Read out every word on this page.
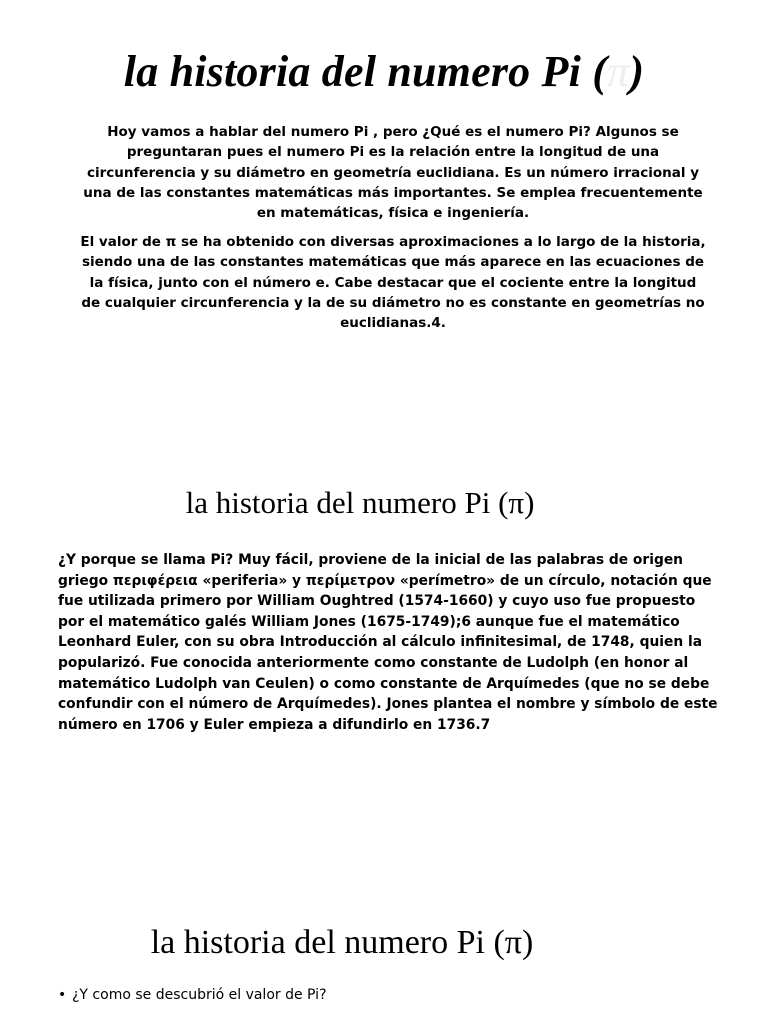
la historia del numero Pi (π)

Hoy vamos a hablar del numero Pi , pero ¿Qué es el numero Pi? Algunos se preguntaran pues el numero Pi es la relación entre la longitud de una circunferencia y su diámetro en geometría euclidiana. Es un número irracional y una de las constantes matemáticas más importantes. Se emplea frecuentemente en matemáticas, física e ingeniería.

El valor de π se ha obtenido con diversas aproximaciones a lo largo de la historia, siendo una de las constantes matemáticas que más aparece en las ecuaciones de la física, junto con el número e. Cabe destacar que el cociente entre la longitud de cualquier circunferencia y la de su diámetro no es constante en geometrías no euclidianas.4.

la historia del numero Pi (π)

¿Y porque se llama Pi? Muy fácil, proviene de la inicial de las palabras de origen griego περιφέρεια «periferia» y περίμετρον «perímetro» de un círculo, notación que fue utilizada primero por William Oughtred (1574-1660) y cuyo uso fue propuesto por el matemático galés William Jones (1675-1749);6 aunque fue el matemático Leonhard Euler, con su obra Introducción al cálculo infinitesimal, de 1748, quien la popularizó. Fue conocida anteriormente como constante de Ludolph (en honor al matemático Ludolph van Ceulen) o como constante de Arquímedes (que no se debe confundir con el número de Arquímedes). Jones plantea el nombre y símbolo de este número en 1706 y Euler empieza a difundirlo en 1736.7

la historia del numero Pi (π)
• ¿Y como se descubrió el valor de Pi?
